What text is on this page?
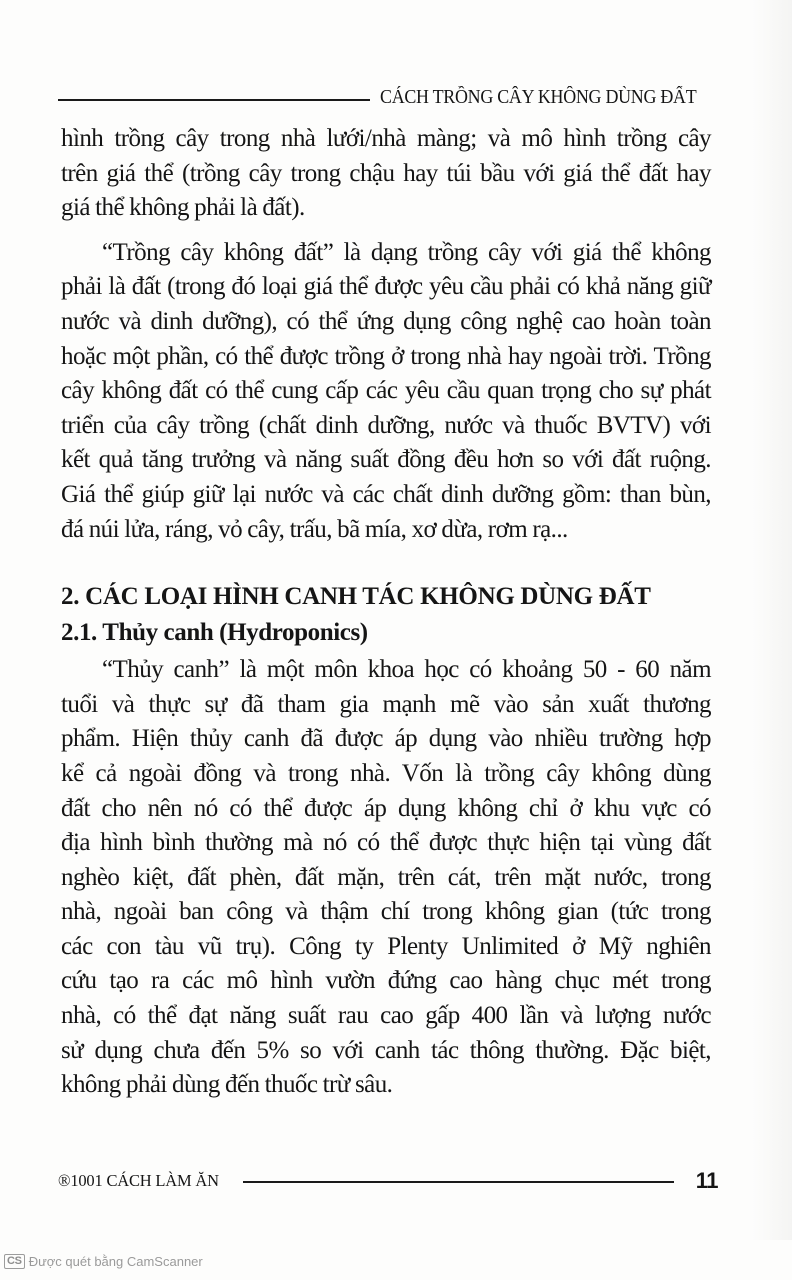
CÁCH TRỒNG CÂY KHÔNG DÙNG ĐẤT

hình trồng cây trong nhà lưới/nhà màng; và mô hình trồng cây
trên giá thể (trồng cây trong chậu hay túi bầu với giá thể đất hay
giá thể không phải là đất).

“Trồng cây không đất” là dạng trồng cây với giá thể không
phải là đất (trong đó loại giá thể được yêu cầu phải có khả năng giữ
nước và dinh dưỡng), có thể ứng dụng công nghệ cao hoàn toàn
hoặc một phần, có thể được trồng ở trong nhà hay ngoài trời. Trồng
cây không đất có thể cung cấp các yêu cầu quan trọng cho sự phát
triển của cây trồng (chất dinh dưỡng, nước và thuốc BVTV) với
kết quả tăng trưởng và năng suất đồng đều hơn so với đất ruộng.
Giá thể giúp giữ lại nước và các chất dinh dưỡng gồm: than bùn,
đá núi lửa, ráng, vỏ cây, trấu, bã mía, xơ dừa, rơm rạ...

2. CÁC LOẠI HÌNH CANH TÁC KHÔNG DÙNG ĐẤT
2.1. Thủy canh (Hydroponics)

“Thủy canh” là một môn khoa học có khoảng 50 - 60 năm
tuổi và thực sự đã tham gia mạnh mẽ vào sản xuất thương
phẩm. Hiện thủy canh đã được áp dụng vào nhiều trường hợp
kể cả ngoài đồng và trong nhà. Vốn là trồng cây không dùng
đất cho nên nó có thể được áp dụng không chỉ ở khu vực có
địa hình bình thường mà nó có thể được thực hiện tại vùng đất
nghèo kiệt, đất phèn, đất mặn, trên cát, trên mặt nước, trong
nhà, ngoài ban công và thậm chí trong không gian (tức trong
các con tàu vũ trụ). Công ty Plenty Unlimited ở Mỹ nghiên
cứu tạo ra các mô hình vườn đứng cao hàng chục mét trong
nhà, có thể đạt năng suất rau cao gấp 400 lần và lượng nước
sử dụng chưa đến 5% so với canh tác thông thường. Đặc biệt,
không phải dùng đến thuốc trừ sâu.

®1001 CÁCH LÀM ĂN	11
CS Được quét bằng CamScanner
